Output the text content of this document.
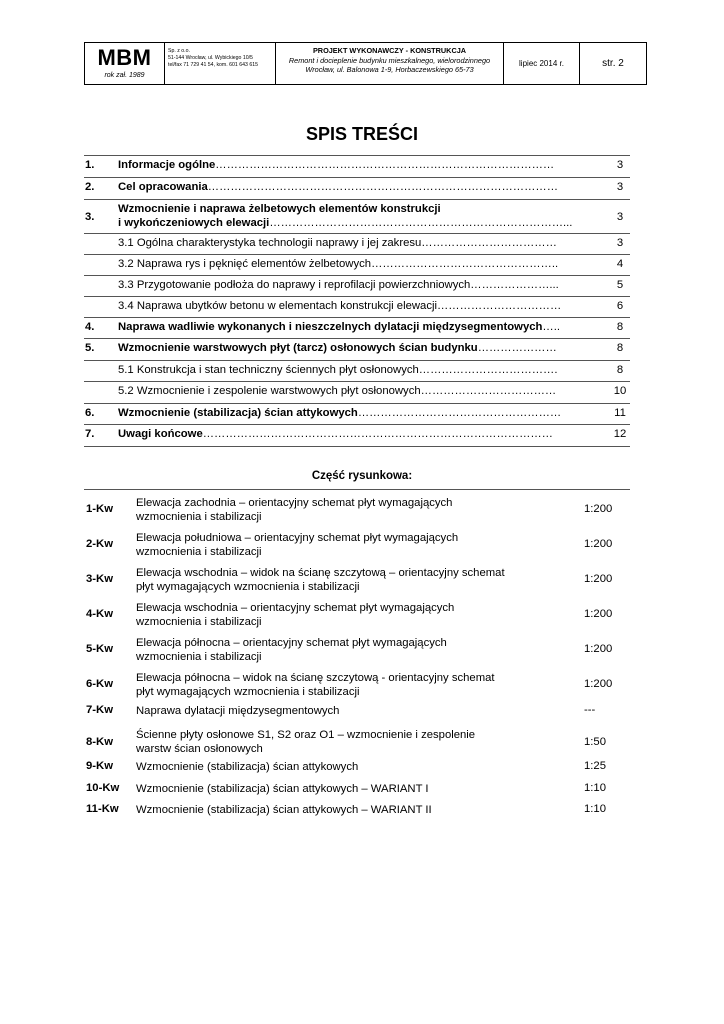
MBM
rok zał. 1989
Sp. z o.o.
51-144 Wrocław, ul. Wybickiego 10/5
tel/fax 71 729 41 54, kom. 601 643 615
PROJEKT WYKONAWCZY - KONSTRUKCJA
Remont i docieplenie budynku mieszkalnego, wielorodzinnego
Wrocław, ul. Balonowa 1-9, Horbaczewskiego 65-73
lipiec 2014 r.	str. 2
SPIS TREŚCI
1. Informacje ogólne………………………………………………………………………………	3
2. Cel opracowania…………………………………………………………………………………	3
3.
Wzmocnienie i naprawa żelbetowych elementów konstrukcji
i wykończeniowych elewacji……………………………………………………………………...	3
3.1 Ogólna charakterystyka technologii naprawy i jej zakresu………………………………	3
3.2 Naprawa rys i pęknięć elementów żelbetowych…………………………………………..	4
3.3 Przygotowanie podłoża do naprawy i reprofilacji powierzchniowych…………………...	5
3.4 Naprawa ubytków betonu w elementach konstrukcji elewacji……………………………	6
4. Naprawa wadliwie wykonanych i nieszczelnych dylatacji międzysegmentowych…..	8
5. Wzmocnienie warstwowych płyt (tarcz) osłonowych ścian budynku…………………	8
5.1 Konstrukcja i stan techniczny ściennych płyt osłonowych……………………………….	8
5.2 Wzmocnienie i zespolenie warstwowych płyt osłonowych………………………………	10
6. Wzmocnienie (stabilizacja) ścian attykowych………………………………………………	11
7. Uwagi końcowe…………………………………………………………………………………	12
Część rysunkowa:
1-Kw Elewacja zachodnia – orientacyjny schemat płyt wymagających
wzmocnienia i stabilizacji
1:200
2-Kw Elewacja południowa – orientacyjny schemat płyt wymagających
wzmocnienia i stabilizacji
1:200
3-Kw Elewacja wschodnia – widok na ścianę szczytową – orientacyjny schemat
płyt wymagających wzmocnienia i stabilizacji
1:200
4-Kw Elewacja wschodnia – orientacyjny schemat płyt wymagających
wzmocnienia i stabilizacji
1:200
5-Kw Elewacja północna – orientacyjny schemat płyt wymagających
wzmocnienia i stabilizacji
1:200
6-Kw Elewacja północna – widok na ścianę szczytową - orientacyjny schemat
płyt wymagających wzmocnienia i stabilizacji
1:200
7-Kw Naprawa dylatacji międzysegmentowych	---
8-Kw
Ścienne płyty osłonowe S1, S2 oraz O1 – wzmocnienie i zespolenie
warstw ścian osłonowych
1:50
9-Kw Wzmocnienie (stabilizacja) ścian attykowych	1:25
10-Kw Wzmocnienie (stabilizacja) ścian attykowych – WARIANT I	1:10
11-Kw Wzmocnienie (stabilizacja) ścian attykowych – WARIANT II	1:10
